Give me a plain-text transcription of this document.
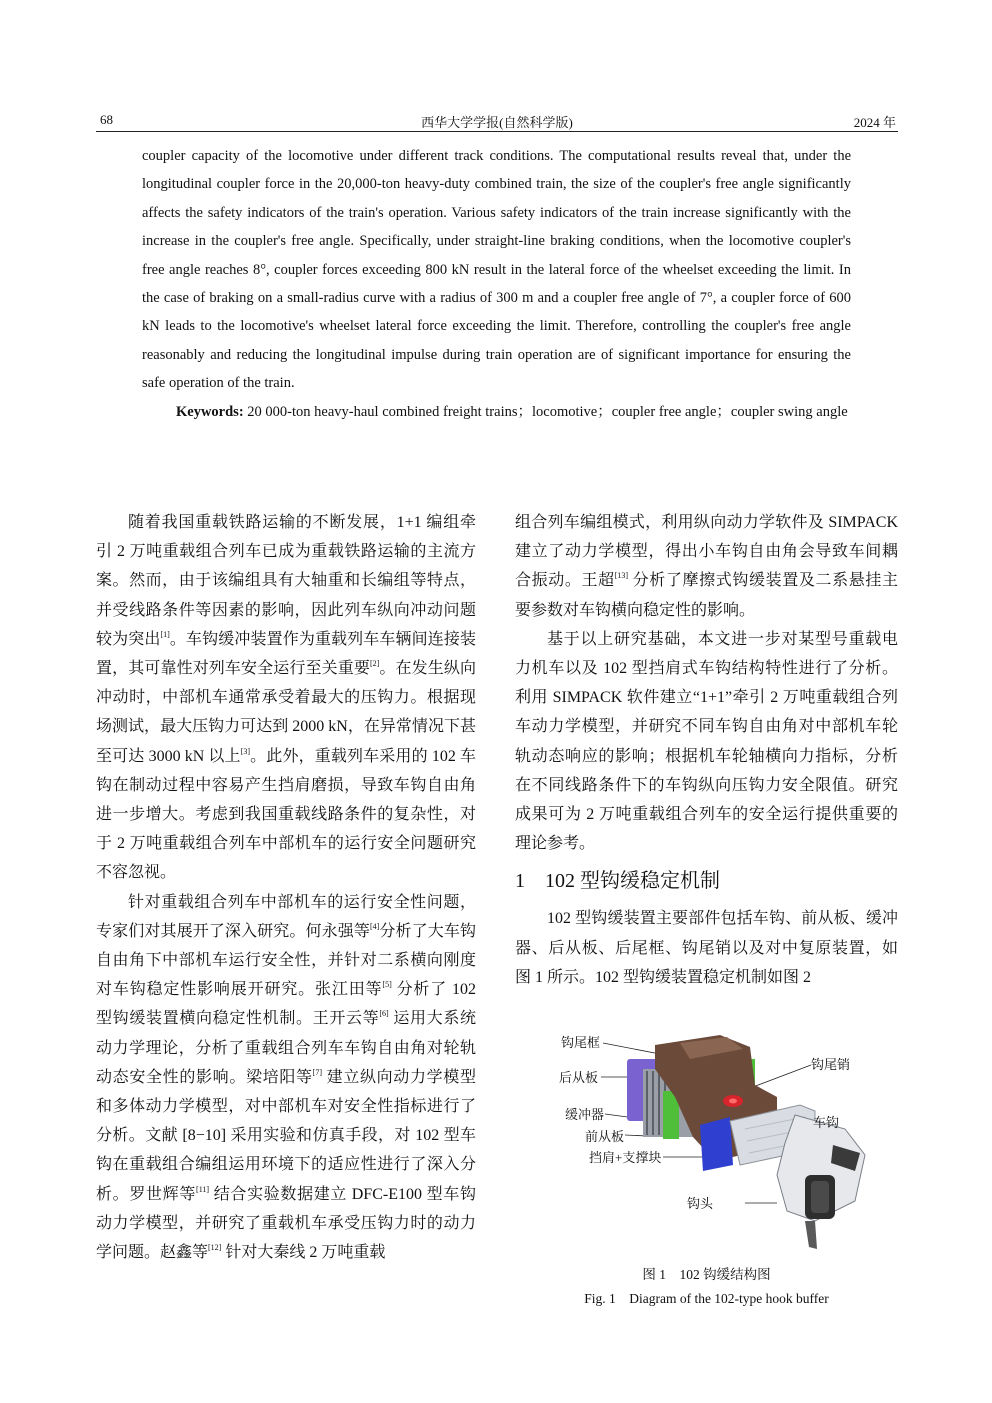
68	西华大学学报(自然科学版)	2024 年

coupler capacity of the locomotive under different track conditions. The computational results reveal that, under the longitudinal coupler force in the 20,000-ton heavy-duty combined train, the size of the coupler's free angle significantly affects the safety indicators of the train's operation. Various safety indicators of the train increase significantly with the increase in the coupler's free angle. Specifically, under straight-line braking conditions, when the locomotive coupler's free angle reaches 8°, coupler forces exceeding 800 kN result in the lateral force of the wheelset exceeding the limit. In the case of braking on a small-radius curve with a radius of 300 m and a coupler free angle of 7°, a coupler force of 600 kN leads to the locomotive's wheelset lateral force exceeding the limit. Therefore, controlling the coupler's free angle reasonably and reducing the longitudinal impulse during train operation are of significant importance for ensuring the safe operation of the train.

Keywords: 20 000-ton heavy-haul combined freight trains；locomotive；coupler free angle；coupler swing angle

随着我国重载铁路运输的不断发展，1+1 编组牵引 2 万吨重载组合列车已成为重载铁路运输的主流方案。然而，由于该编组具有大轴重和长编组等特点，并受线路条件等因素的影响，因此列车纵向冲动问题较为突出[1]。车钩缓冲装置作为重载列车车辆间连接装置，其可靠性对列车安全运行至关重要[2]。在发生纵向冲动时，中部机车通常承受着最大的压钩力。根据现场测试，最大压钩力可达到 2000 kN，在异常情况下甚至可达 3000 kN 以上[3]。此外，重载列车采用的 102 车钩在制动过程中容易产生挡肩磨损，导致车钩自由角进一步增大。考虑到我国重载线路条件的复杂性，对于 2 万吨重载组合列车中部机车的运行安全问题研究不容忽视。

针对重载组合列车中部机车的运行安全性问题，专家们对其展开了深入研究。何永强等[4]分析了大车钩自由角下中部机车运行安全性，并针对二系横向刚度对车钩稳定性影响展开研究。张江田等[5] 分析了 102 型钩缓装置横向稳定性机制。王开云等[6] 运用大系统动力学理论，分析了重载组合列车车钩自由角对轮轨动态安全性的影响。梁培阳等[7] 建立纵向动力学模型和多体动力学模型，对中部机车对安全性指标进行了分析。文献 [8−10] 采用实验和仿真手段，对 102 型车钩在重载组合编组运用环境下的适应性进行了深入分析。罗世辉等[11] 结合实验数据建立 DFC-E100 型车钩动力学模型，并研究了重载机车承受压钩力时的动力学问题。赵鑫等[12] 针对大秦线 2 万吨重载

组合列车编组模式，利用纵向动力学软件及 SIMPACK 建立了动力学模型，得出小车钩自由角会导致车间耦合振动。王超[13] 分析了摩擦式钩缓装置及二系悬挂主要参数对车钩横向稳定性的影响。

基于以上研究基础，本文进一步对某型号重载电力机车以及 102 型挡肩式车钩结构特性进行了分析。利用 SIMPACK 软件建立“1+1”牵引 2 万吨重载组合列车动力学模型，并研究不同车钩自由角对中部机车轮轨动态响应的影响；根据机车轮轴横向力指标，分析在不同线路条件下的车钩纵向压钩力安全限值。研究成果可为 2 万吨重载组合列车的安全运行提供重要的理论参考。

1 102 型钩缓稳定机制

102 型钩缓装置主要部件包括车钩、前从板、缓冲器、后从板、后尾框、钩尾销以及对中复原装置，如图 1 所示。102 型钩缓装置稳定机制如图 2

钩尾框
后从板
缓冲器
前从板
挡肩+支撑块
钩尾销
车钩
钩头
图 1　102 钩缓结构图
Fig. 1　Diagram of the 102-type hook buffer
